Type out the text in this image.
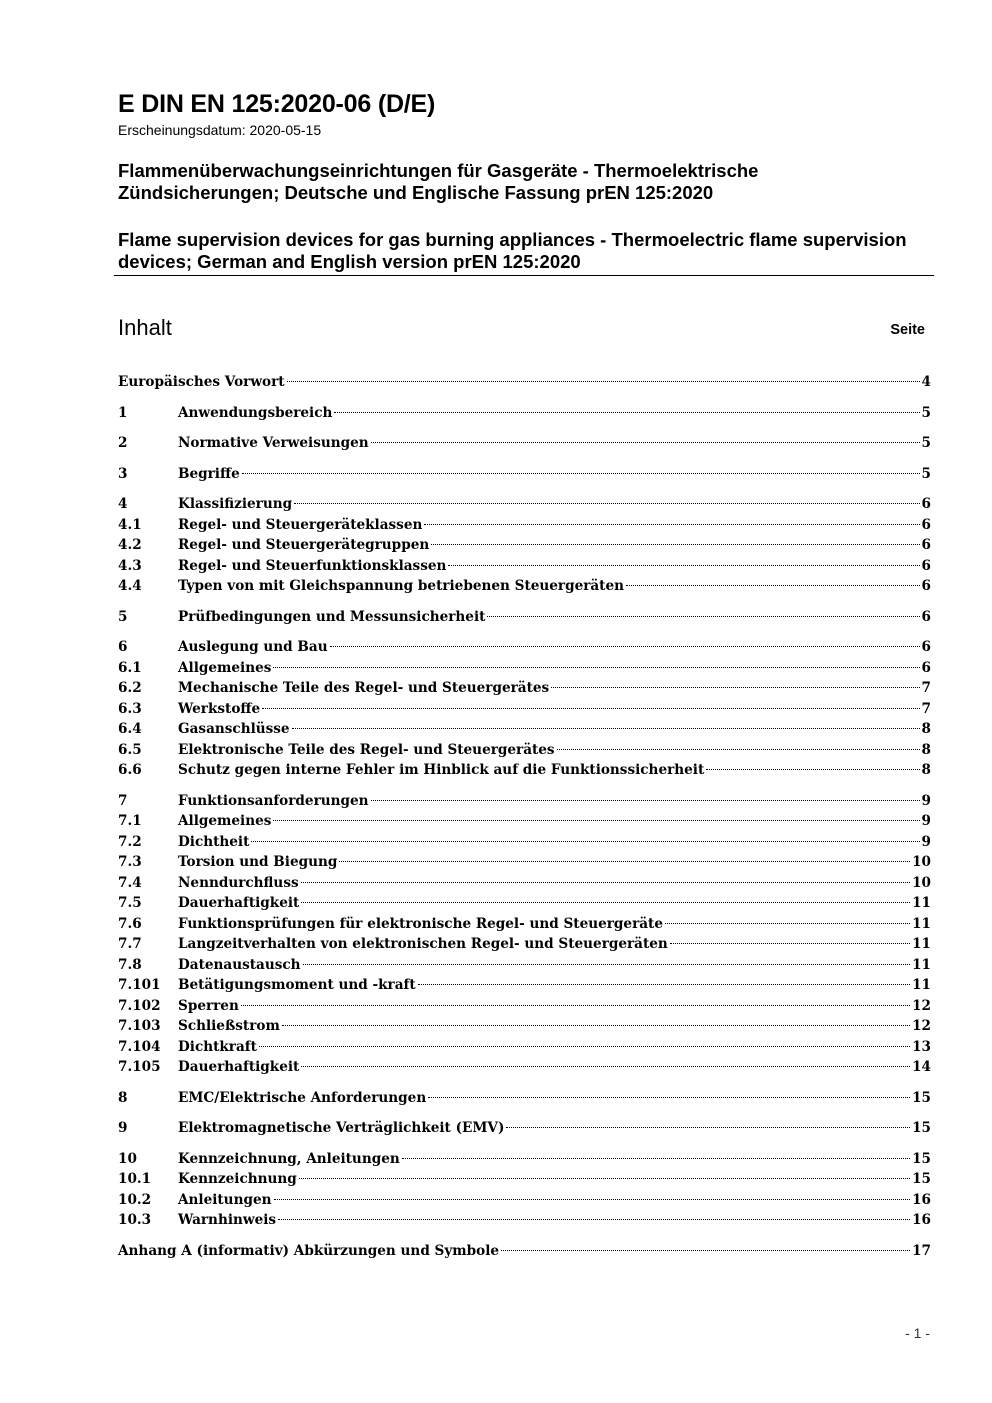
E DIN EN 125:2020-06 (D/E)
Erscheinungsdatum: 2020-05-15
Flammenüberwachungseinrichtungen für Gasgeräte - Thermoelektrische Zündsicherungen; Deutsche und Englische Fassung prEN 125:2020
Flame supervision devices for gas burning appliances - Thermoelectric flame supervision devices; German and English version prEN 125:2020
Inhalt	Seite
Europäisches Vorwort	4
1	Anwendungsbereich	5
2	Normative Verweisungen	5
3	Begriffe	5
4	Klassifizierung	6
4.1	Regel- und Steuergeräteklassen	6
4.2	Regel- und Steuergerätegruppen	6
4.3	Regel- und Steuerfunktionsklassen	6
4.4	Typen von mit Gleichspannung betriebenen Steuergeräten	6
5	Prüfbedingungen und Messunsicherheit	6
6	Auslegung und Bau	6
6.1	Allgemeines	6
6.2	Mechanische Teile des Regel- und Steuergerätes	7
6.3	Werkstoffe	7
6.4	Gasanschlüsse	8
6.5	Elektronische Teile des Regel- und Steuergerätes	8
6.6	Schutz gegen interne Fehler im Hinblick auf die Funktionssicherheit	8
7	Funktionsanforderungen	9
7.1	Allgemeines	9
7.2	Dichtheit	9
7.3	Torsion und Biegung	10
7.4	Nenndurchfluss	10
7.5	Dauerhaftigkeit	11
7.6	Funktionsprüfungen für elektronische Regel- und Steuergeräte	11
7.7	Langzeitverhalten von elektronischen Regel- und Steuergeräten	11
7.8	Datenaustausch	11
7.101	Betätigungsmoment und -kraft	11
7.102	Sperren	12
7.103	Schließstrom	12
7.104	Dichtkraft	13
7.105	Dauerhaftigkeit	14
8	EMC/Elektrische Anforderungen	15
9	Elektromagnetische Verträglichkeit (EMV)	15
10	Kennzeichnung, Anleitungen	15
10.1	Kennzeichnung	15
10.2	Anleitungen	16
10.3	Warnhinweis	16
Anhang A (informativ) Abkürzungen und Symbole	17
- 1 -
